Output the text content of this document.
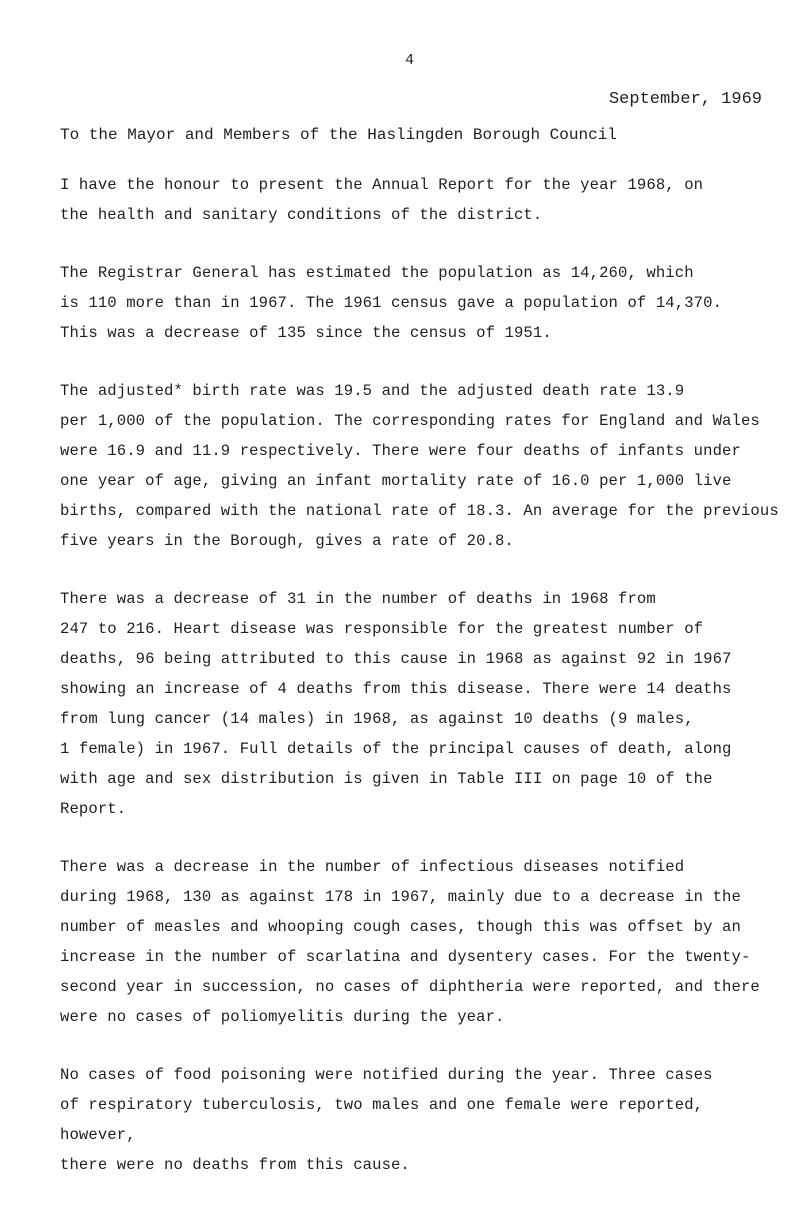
4
September, 1969
To the Mayor and Members of the Haslingden Borough Council

I have the honour to present the Annual Report for the year 1968, on
the health and sanitary conditions of the district.

The Registrar General has estimated the population as 14,260, which
is 110 more than in 1967. The 1961 census gave a population of 14,370.
This was a decrease of 135 since the census of 1951.

The adjusted* birth rate was 19.5 and the adjusted death rate 13.9
per 1,000 of the population. The corresponding rates for England and Wales
were 16.9 and 11.9 respectively. There were four deaths of infants under
one year of age, giving an infant mortality rate of 16.0 per 1,000 live
births, compared with the national rate of 18.3. An average for the previous
five years in the Borough, gives a rate of 20.8.

There was a decrease of 31 in the number of deaths in 1968 from
247 to 216. Heart disease was responsible for the greatest number of
deaths, 96 being attributed to this cause in 1968 as against 92 in 1967
showing an increase of 4 deaths from this disease. There were 14 deaths
from lung cancer (14 males) in 1968, as against 10 deaths (9 males,
1 female) in 1967. Full details of the principal causes of death, along
with age and sex distribution is given in Table III on page 10 of the Report.

There was a decrease in the number of infectious diseases notified
during 1968, 130 as against 178 in 1967, mainly due to a decrease in the
number of measles and whooping cough cases, though this was offset by an
increase in the number of scarlatina and dysentery cases. For the twenty-
second year in succession, no cases of diphtheria were reported, and there
were no cases of poliomyelitis during the year.

No cases of food poisoning were notified during the year. Three cases
of respiratory tuberculosis, two males and one female were reported, however,
there were no deaths from this cause.
